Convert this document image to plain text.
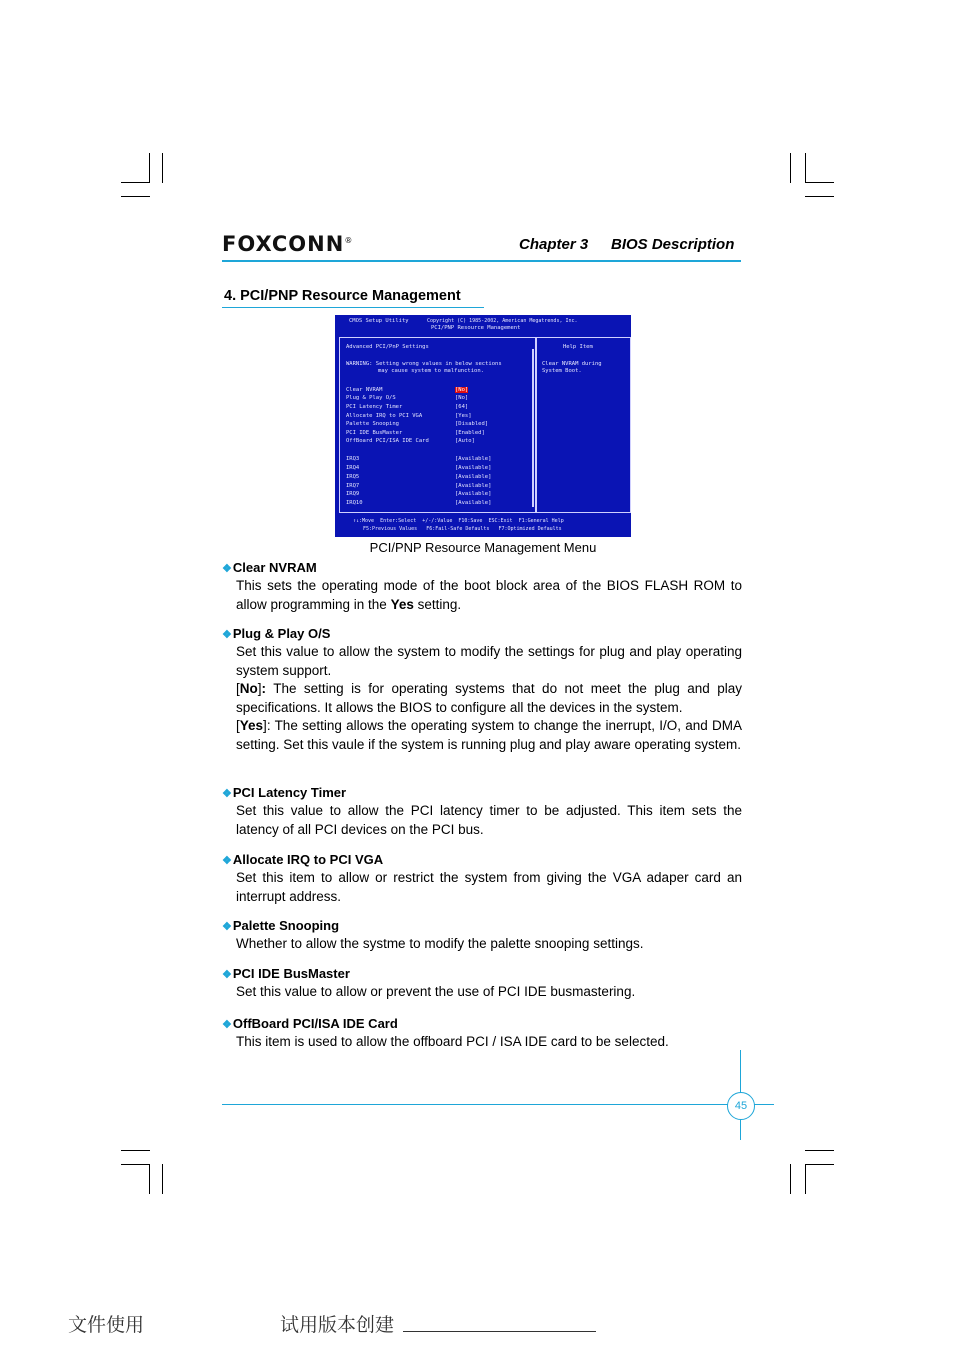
FOXCONN®	Chapter 3 BIOS Description
4. PCI/PNP Resource Management
CMOS Setup Utility	Copyright (C) 1985-2002, American Megatrends, Inc.
PCI/PNP Resource Management
Advanced PCI/PnP Settings
WARNING: Setting wrong values in below sections
may cause system to malfunction.
Clear NVRAM	[No]
Plug & Play O/S	[No]
PCI Latency Timer	[64]
Allocate IRQ to PCI VGA	[Yes]
Palette Snooping	[Disabled]
PCI IDE BusMaster	[Enabled]
OffBoard PCI/ISA IDE Card	[Auto]
IRQ3	[Available]
IRQ4	[Available]
IRQ5	[Available]
IRQ7	[Available]
IRQ9	[Available]
IRQ10	[Available]
Help Item
Clear NVRAM during
System Boot.
↑↓:Move  Enter:Select  +/-/:Value  F10:Save  ESC:Exit  F1:General Help
F5:Previous Values   F6:Fail-Safe Defaults   F7:Optimized Defaults
PCI/PNP Resource Management Menu
❖Clear NVRAM
This sets the operating mode of the boot block area of the BIOS FLASH ROM to allow programming in the Yes setting.
❖Plug & Play O/S
Set this value to allow the system to modify the settings for plug and play operating system support.
[No]: The setting is for operating systems that do not meet the plug and play specifications. It allows the BIOS to configure all the devices in the system.
[Yes]: The setting allows the operating system to change the inerrupt, I/O, and DMA setting. Set this vaule if the system is running plug and play aware operating system.
❖PCI Latency Timer
Set this value to allow the PCI latency timer to be adjusted. This item sets the latency of all PCI devices on the PCI bus.
❖Allocate IRQ to PCI VGA
Set this item to allow or restrict the system from giving the VGA adaper card an interrupt address.
❖Palette Snooping
Whether to allow the systme to modify the palette snooping settings.
❖PCI IDE BusMaster
Set this value to allow or prevent the use of PCI IDE busmastering.
❖OffBoard PCI/ISA IDE Card
This item is used to allow the offboard PCI / ISA IDE card to be selected.
45
文件使用	试用版本创建
